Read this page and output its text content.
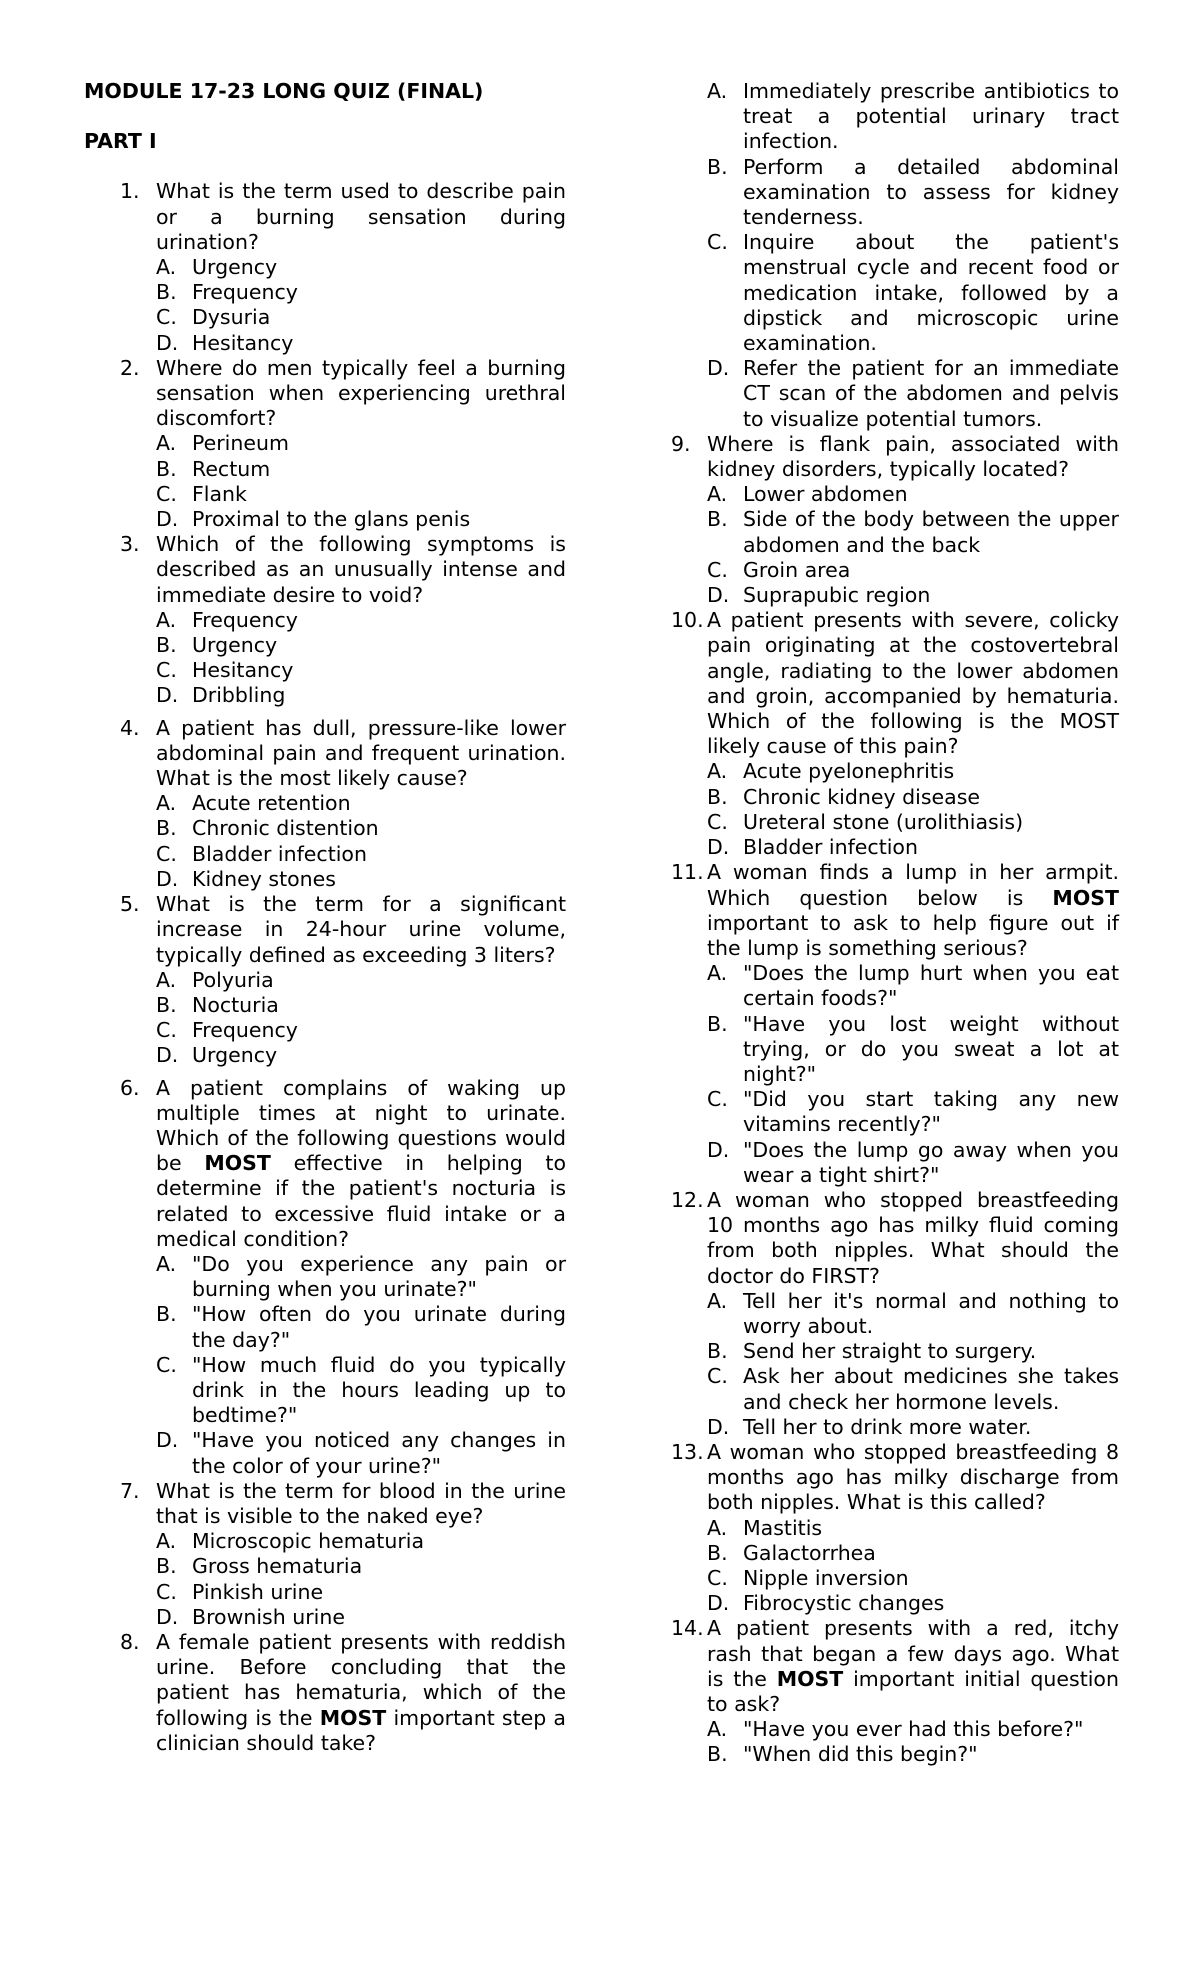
MODULE 17-23 LONG QUIZ (FINAL)

PART I

1. What is the term used to describe pain or a burning sensation during urination?
A. Urgency
B. Frequency
C. Dysuria
D. Hesitancy
2. Where do men typically feel a burning sensation when experiencing urethral discomfort?
A. Perineum
B. Rectum
C. Flank
D. Proximal to the glans penis
3. Which of the following symptoms is described as an unusually intense and immediate desire to void?
A. Frequency
B. Urgency
C. Hesitancy
D. Dribbling
4. A patient has dull, pressure-like lower abdominal pain and frequent urination. What is the most likely cause?
A. Acute retention
B. Chronic distention
C. Bladder infection
D. Kidney stones
5. What is the term for a significant increase in 24-hour urine volume, typically defined as exceeding 3 liters?
A. Polyuria
B. Nocturia
C. Frequency
D. Urgency
6. A patient complains of waking up multiple times at night to urinate. Which of the following questions would be MOST effective in helping to determine if the patient's nocturia is related to excessive fluid intake or a medical condition?
A. "Do you experience any pain or burning when you urinate?"
B. "How often do you urinate during the day?"
C. "How much fluid do you typically drink in the hours leading up to bedtime?"
D. "Have you noticed any changes in the color of your urine?"
7. What is the term for blood in the urine that is visible to the naked eye?
A. Microscopic hematuria
B. Gross hematuria
C. Pinkish urine
D. Brownish urine
8. A female patient presents with reddish urine. Before concluding that the patient has hematuria, which of the following is the MOST important step a clinician should take?
A. Immediately prescribe antibiotics to treat a potential urinary tract infection.
B. Perform a detailed abdominal examination to assess for kidney tenderness.
C. Inquire about the patient's menstrual cycle and recent food or medication intake, followed by a dipstick and microscopic urine examination.
D. Refer the patient for an immediate CT scan of the abdomen and pelvis to visualize potential tumors.
9. Where is flank pain, associated with kidney disorders, typically located?
A. Lower abdomen
B. Side of the body between the upper abdomen and the back
C. Groin area
D. Suprapubic region
10. A patient presents with severe, colicky pain originating at the costovertebral angle, radiating to the lower abdomen and groin, accompanied by hematuria. Which of the following is the MOST likely cause of this pain?
A. Acute pyelonephritis
B. Chronic kidney disease
C. Ureteral stone (urolithiasis)
D. Bladder infection
11. A woman finds a lump in her armpit. Which question below is MOST important to ask to help figure out if the lump is something serious?
A. "Does the lump hurt when you eat certain foods?"
B. "Have you lost weight without trying, or do you sweat a lot at night?"
C. "Did you start taking any new vitamins recently?"
D. "Does the lump go away when you wear a tight shirt?"
12. A woman who stopped breastfeeding 10 months ago has milky fluid coming from both nipples. What should the doctor do FIRST?
A. Tell her it's normal and nothing to worry about.
B. Send her straight to surgery.
C. Ask her about medicines she takes and check her hormone levels.
D. Tell her to drink more water.
13. A woman who stopped breastfeeding 8 months ago has milky discharge from both nipples. What is this called?
A. Mastitis
B. Galactorrhea
C. Nipple inversion
D. Fibrocystic changes
14. A patient presents with a red, itchy rash that began a few days ago. What is the MOST important initial question to ask?
A. "Have you ever had this before?"
B. "When did this begin?"
